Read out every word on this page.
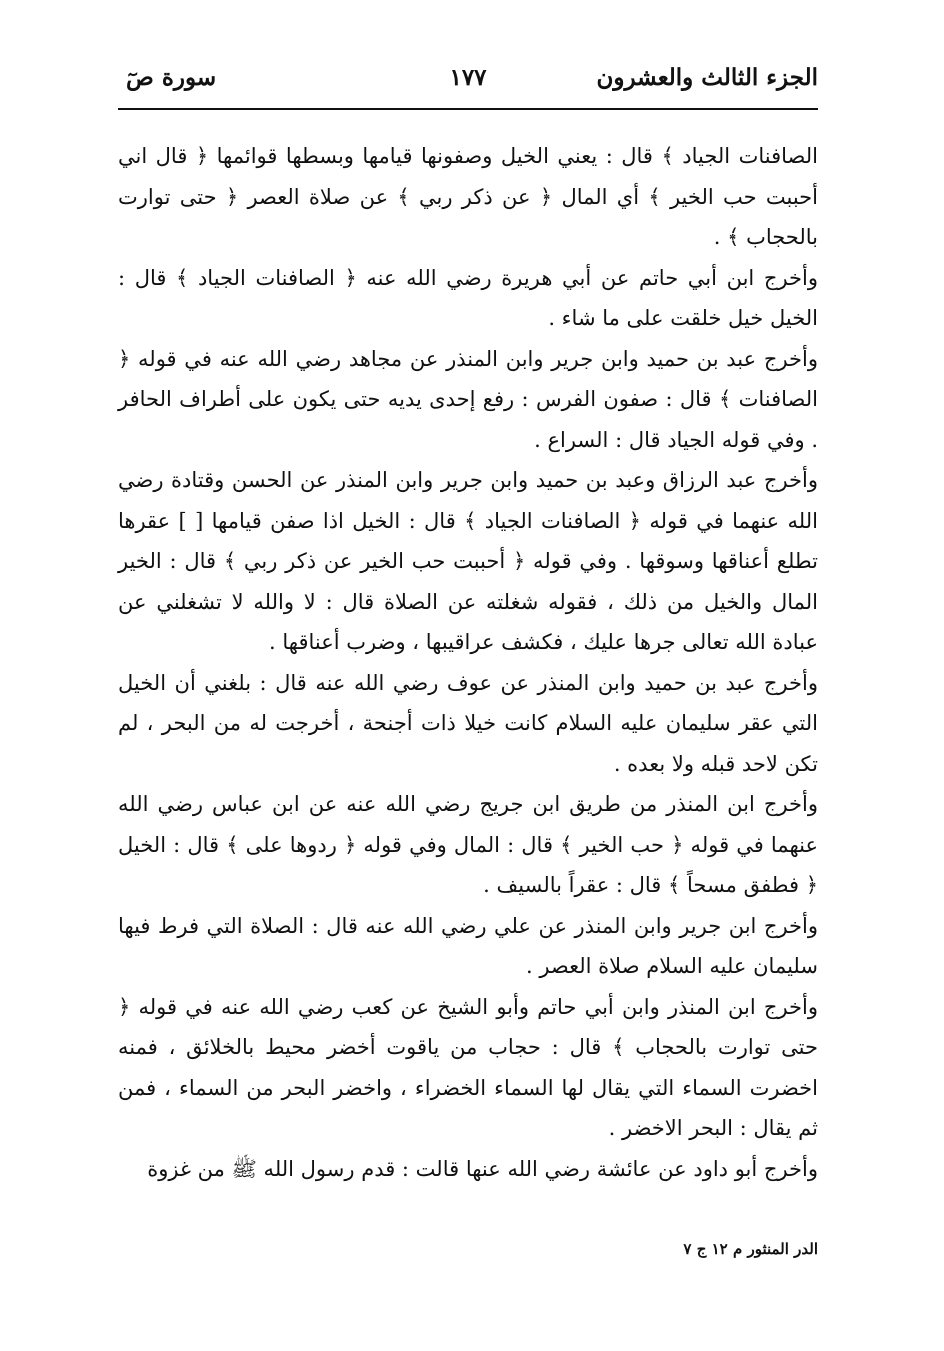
الجزء الثالث والعشرون
١٧٧
سورة صٓ

الصافنات الجياد ﴾ قال : يعني الخيل وصفونها قيامها وبسطها قوائمها ﴿ قال اني أحببت حب الخير ﴾ أي المال ﴿ عن ذكر ربي ﴾ عن صلاة العصر ﴿ حتى توارت بالحجاب ﴾ .

وأخرج ابن أبي حاتم عن أبي هريرة رضي الله عنه ﴿ الصافنات الجياد ﴾ قال : الخيل خيل خلقت على ما شاء .

وأخرج عبد بن حميد وابن جرير وابن المنذر عن مجاهد رضي الله عنه في قوله ﴿ الصافنات ﴾ قال : صفون الفرس : رفع إحدى يديه حتى يكون على أطراف الحافر . وفي قوله الجياد قال : السراع .

وأخرج عبد الرزاق وعبد بن حميد وابن جرير وابن المنذر عن الحسن وقتادة رضي الله عنهما في قوله ﴿ الصافنات الجياد ﴾ قال : الخيل اذا صفن قيامها [ ] عقرها تطلع أعناقها وسوقها . وفي قوله ﴿ أحببت حب الخير عن ذكر ربي ﴾ قال : الخير المال والخيل من ذلك ، فقوله شغلته عن الصلاة قال : لا والله لا تشغلني عن عبادة الله تعالى جرها عليك ، فكشف عراقيبها ، وضرب أعناقها .

وأخرج عبد بن حميد وابن المنذر عن عوف رضي الله عنه قال : بلغني أن الخيل التي عقر سليمان عليه السلام كانت خيلا ذات أجنحة ، أخرجت له من البحر ، لم تكن لاحد قبله ولا بعده .

وأخرج ابن المنذر من طريق ابن جريج رضي الله عنه عن ابن عباس رضي الله عنهما في قوله ﴿ حب الخير ﴾ قال : المال وفي قوله ﴿ ردوها على ﴾ قال : الخيل ﴿ فطفق مسحاً ﴾ قال : عقراً بالسيف .

وأخرج ابن جرير وابن المنذر عن علي رضي الله عنه قال : الصلاة التي فرط فيها سليمان عليه السلام صلاة العصر .

وأخرج ابن المنذر وابن أبي حاتم وأبو الشيخ عن كعب رضي الله عنه في قوله ﴿ حتى توارت بالحجاب ﴾ قال : حجاب من ياقوت أخضر محيط بالخلائق ، فمنه اخضرت السماء التي يقال لها السماء الخضراء ، واخضر البحر من السماء ، فمن ثم يقال : البحر الاخضر .

وأخرج أبو داود عن عائشة رضي الله عنها قالت : قدم رسول الله ﷺ من غزوة

الدر المنثور م ١٢ ج ٧
